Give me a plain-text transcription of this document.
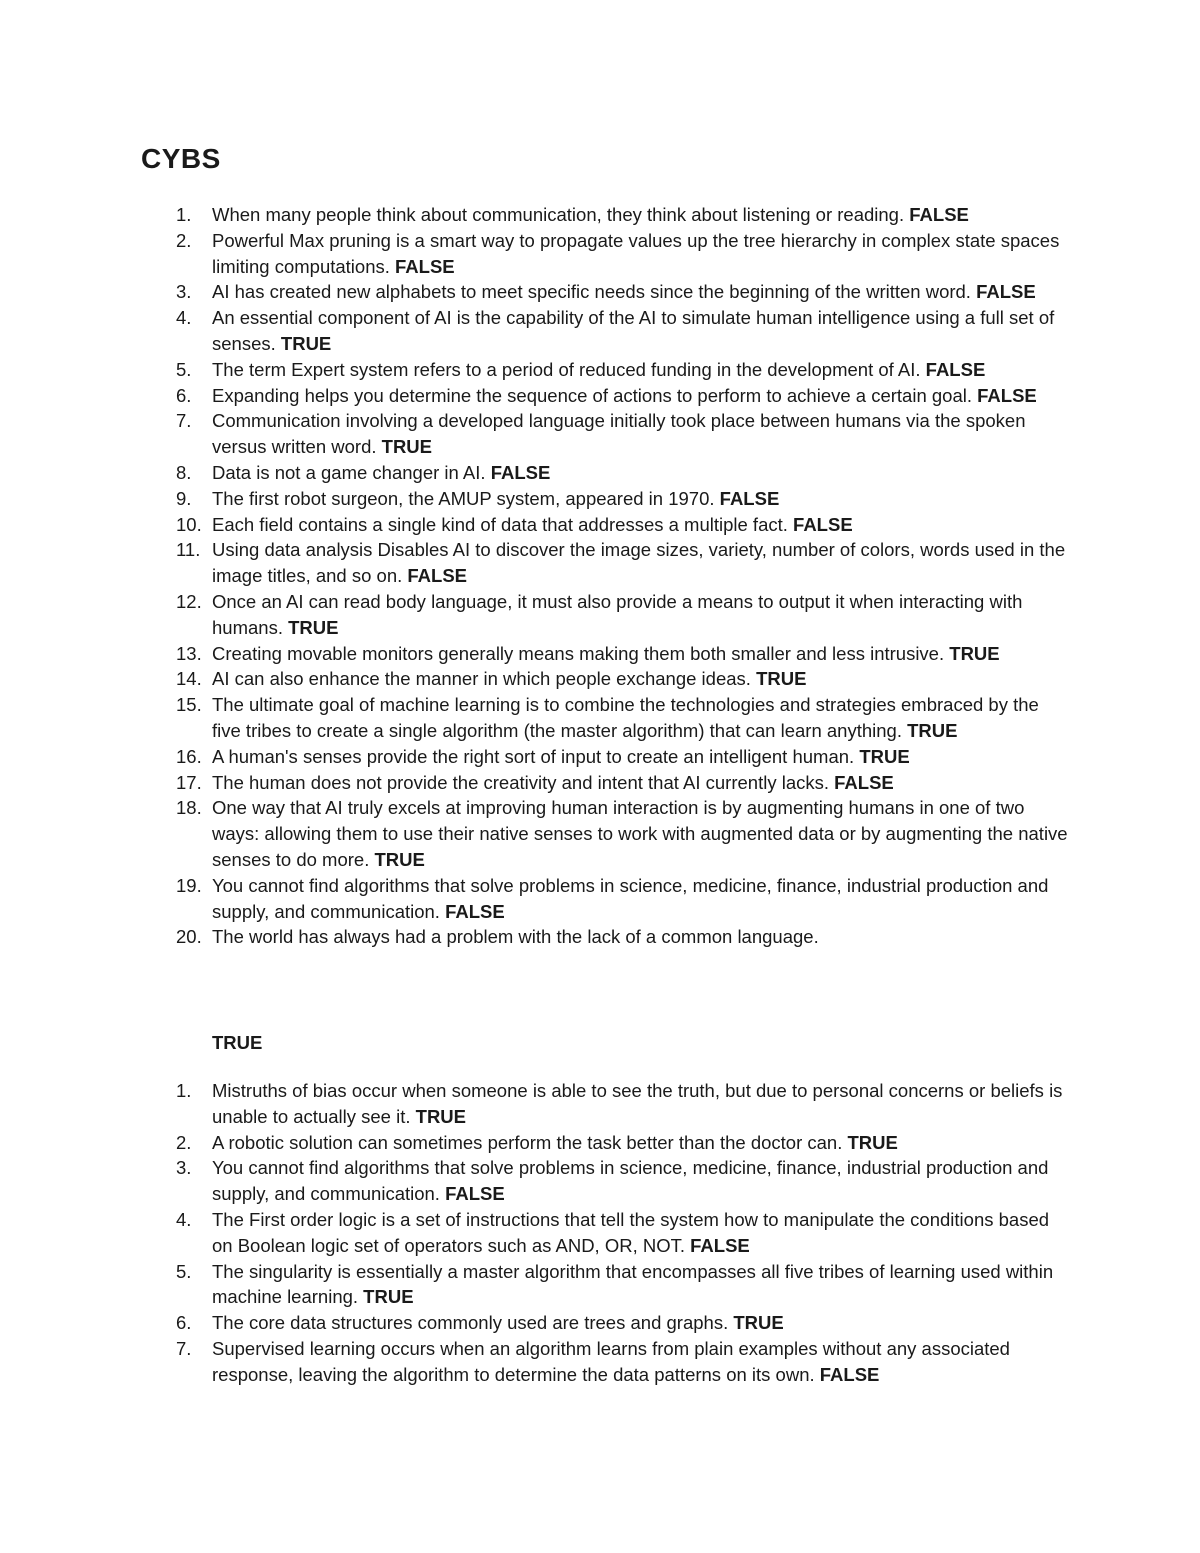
CYBS
1. When many people think about communication, they think about listening or reading. FALSE
2. Powerful Max pruning is a smart way to propagate values up the tree hierarchy in complex state spaces limiting computations. FALSE
3. AI has created new alphabets to meet specific needs since the beginning of the written word. FALSE
4. An essential component of AI is the capability of the AI to simulate human intelligence using a full set of senses. TRUE
5. The term Expert system refers to a period of reduced funding in the development of AI. FALSE
6. Expanding helps you determine the sequence of actions to perform to achieve a certain goal. FALSE
7. Communication involving a developed language initially took place between humans via the spoken versus written word. TRUE
8. Data is not a game changer in AI. FALSE
9. The first robot surgeon, the AMUP system, appeared in 1970. FALSE
10. Each field contains a single kind of data that addresses a multiple fact. FALSE
11. Using data analysis Disables AI to discover the image sizes, variety, number of colors, words used in the image titles, and so on. FALSE
12. Once an AI can read body language, it must also provide a means to output it when interacting with humans. TRUE
13. Creating movable monitors generally means making them both smaller and less intrusive. TRUE
14. AI can also enhance the manner in which people exchange ideas. TRUE
15. The ultimate goal of machine learning is to combine the technologies and strategies embraced by the five tribes to create a single algorithm (the master algorithm) that can learn anything. TRUE
16. A human's senses provide the right sort of input to create an intelligent human. TRUE
17. The human does not provide the creativity and intent that AI currently lacks. FALSE
18. One way that AI truly excels at improving human interaction is by augmenting humans in one of two ways: allowing them to use their native senses to work with augmented data or by augmenting the native senses to do more. TRUE
19. You cannot find algorithms that solve problems in science, medicine, finance, industrial production and supply, and communication. FALSE
20. The world has always had a problem with the lack of a common language.
TRUE
1. Mistruths of bias occur when someone is able to see the truth, but due to personal concerns or beliefs is unable to actually see it. TRUE
2. A robotic solution can sometimes perform the task better than the doctor can. TRUE
3. You cannot find algorithms that solve problems in science, medicine, finance, industrial production and supply, and communication. FALSE
4. The First order logic is a set of instructions that tell the system how to manipulate the conditions based on Boolean logic set of operators such as AND, OR, NOT. FALSE
5. The singularity is essentially a master algorithm that encompasses all five tribes of learning used within machine learning. TRUE
6. The core data structures commonly used are trees and graphs. TRUE
7. Supervised learning occurs when an algorithm learns from plain examples without any associated response, leaving the algorithm to determine the data patterns on its own. FALSE
